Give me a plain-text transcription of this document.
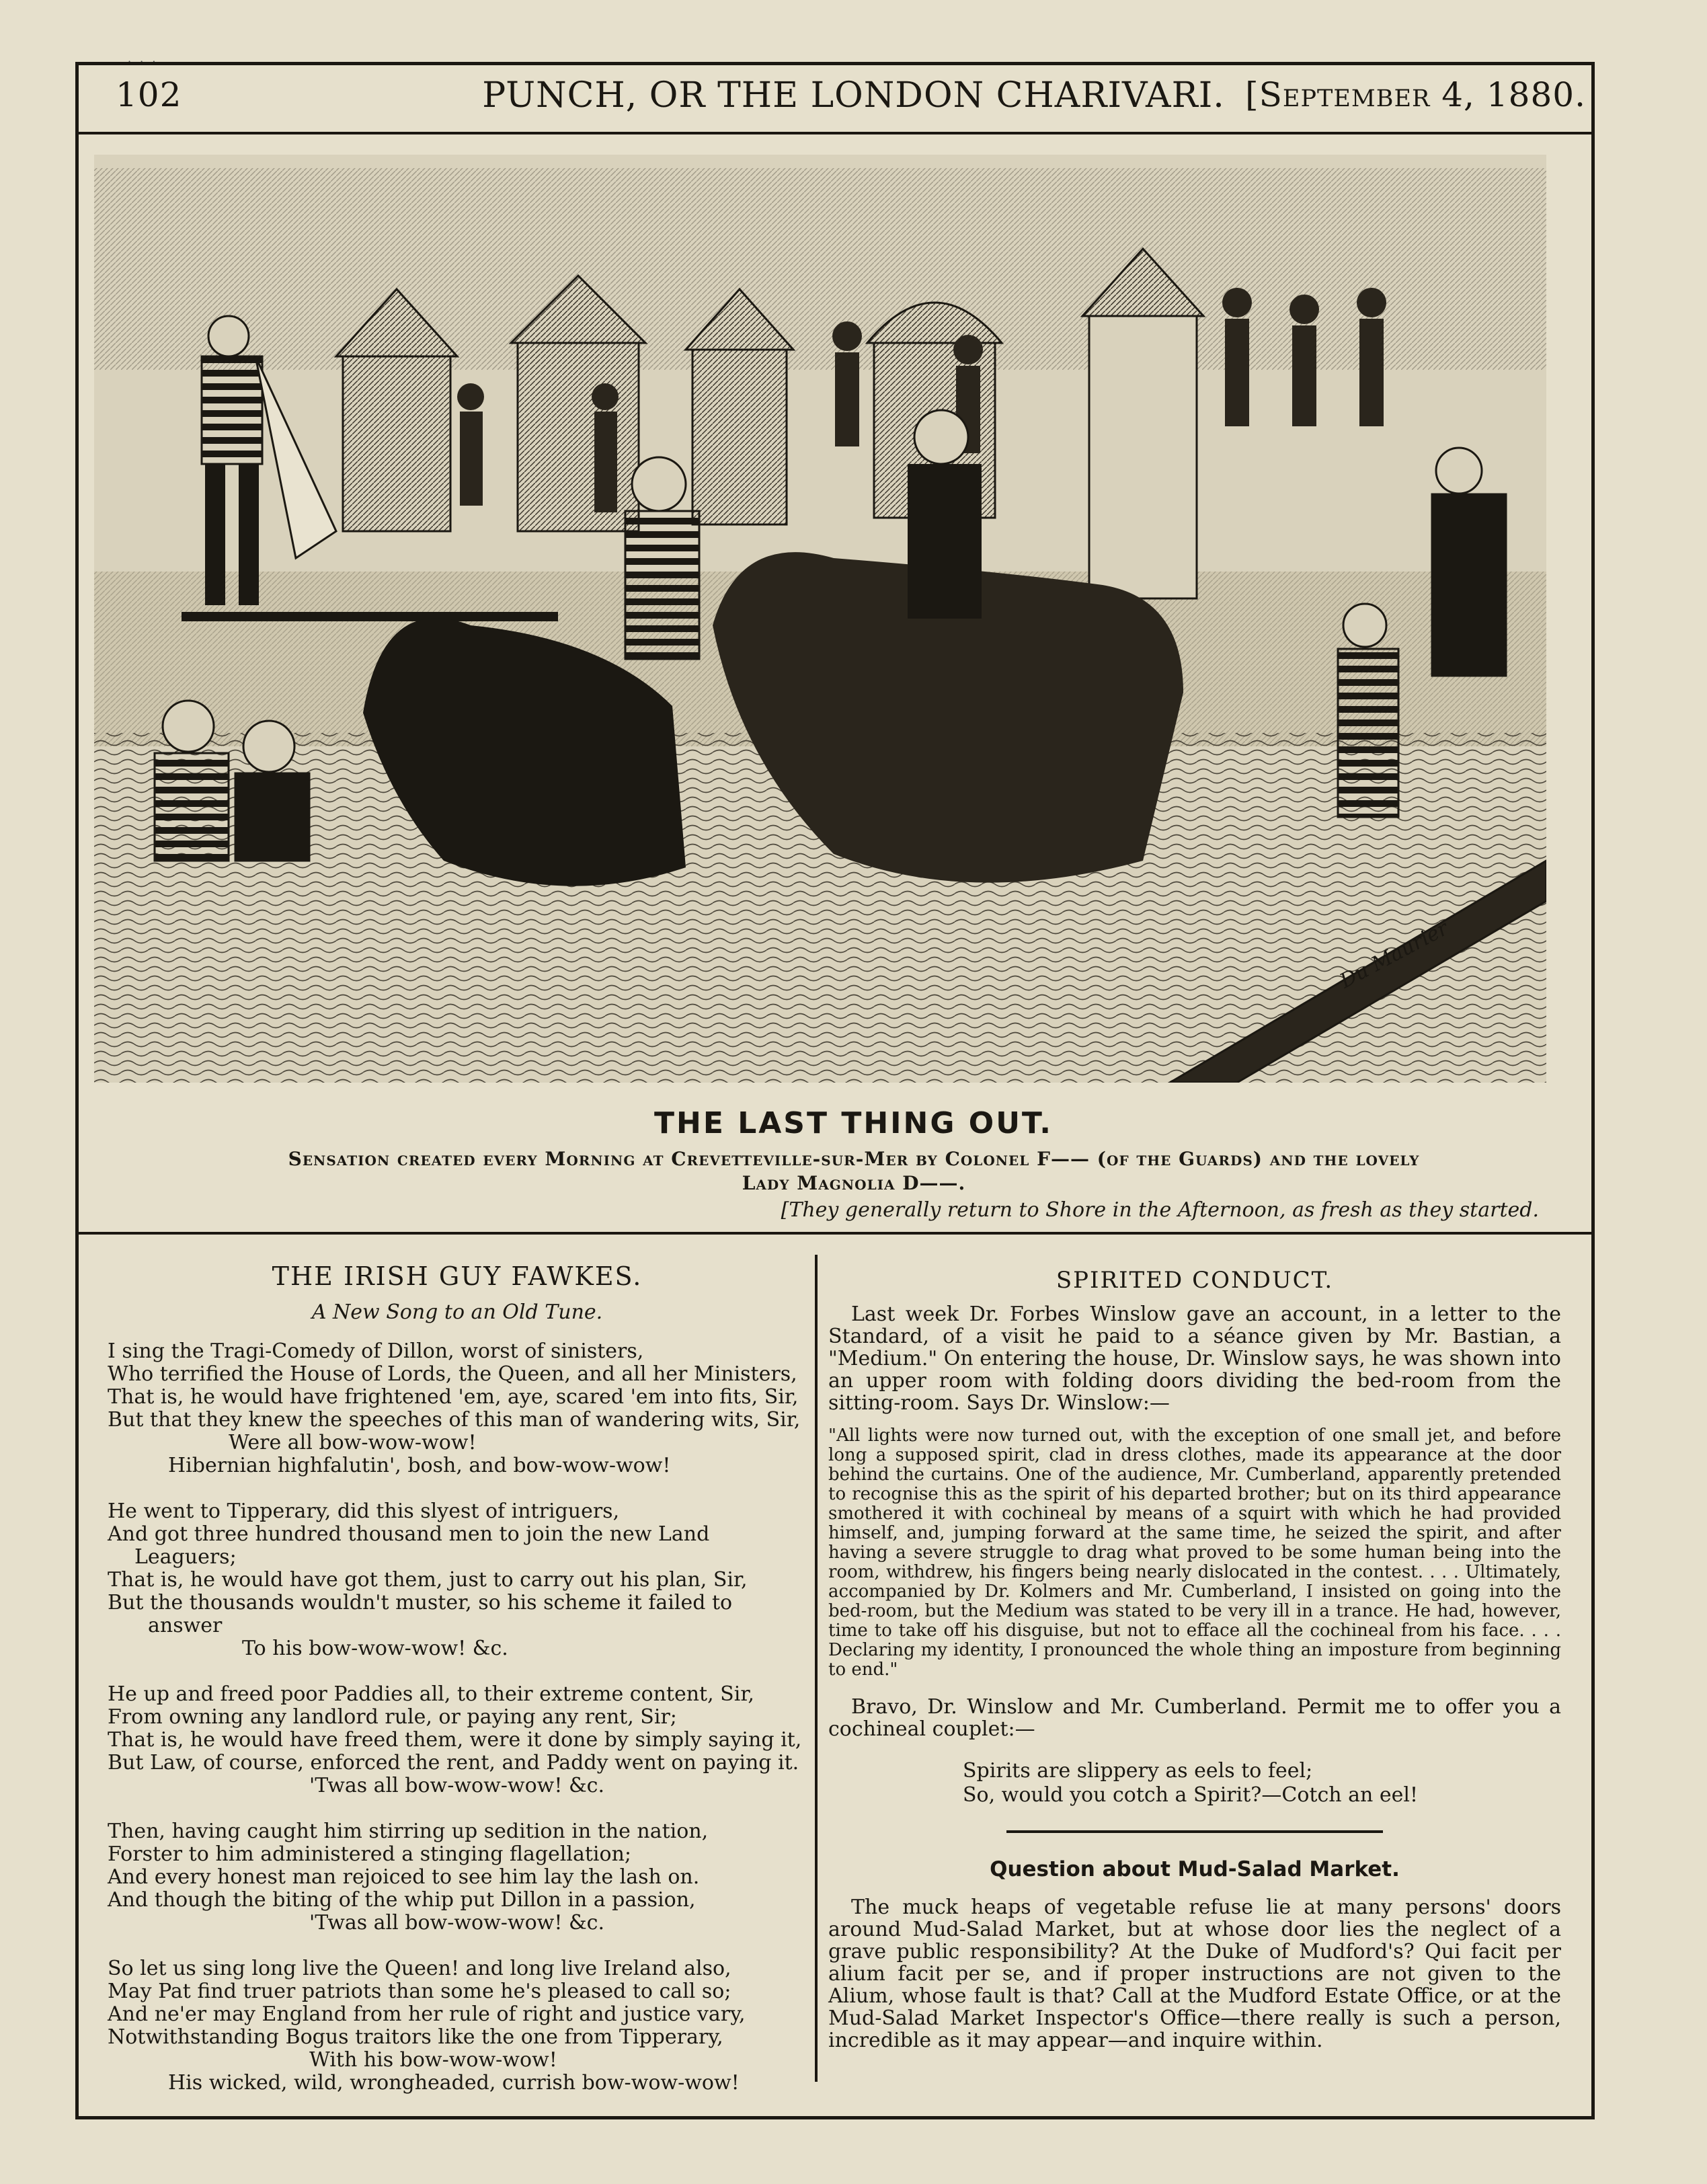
· · ·
102	PUNCH, OR THE LONDON CHARIVARI. [September 4, 1880.
Du Maurier
THE LAST THING OUT.
Sensation created every Morning at Crevetteville-sur-Mer by Colonel F—— (of the Guards) and the lovely
Lady Magnolia D——.
[They generally return to Shore in the Afternoon, as fresh as they started.
THE IRISH GUY FAWKES.
A New Song to an Old Tune.
I sing the Tragi-Comedy of Dillon, worst of sinisters,
Who terrified the House of Lords, the Queen, and all her Ministers,
That is, he would have frightened 'em, aye, scared 'em into fits, Sir,
But that they knew the speeches of this man of wandering wits, Sir,
Were all bow-wow-wow!
Hibernian highfalutin', bosh, and bow-wow-wow!
He went to Tipperary, did this slyest of intriguers,
And got three hundred thousand men to join the new Land
Leaguers;
That is, he would have got them, just to carry out his plan, Sir,
But the thousands wouldn't muster, so his scheme it failed to
answer
To his bow-wow-wow! &c.
He up and freed poor Paddies all, to their extreme content, Sir,
From owning any landlord rule, or paying any rent, Sir;
That is, he would have freed them, were it done by simply saying it,
But Law, of course, enforced the rent, and Paddy went on paying it.
'Twas all bow-wow-wow! &c.
Then, having caught him stirring up sedition in the nation,
Forster to him administered a stinging flagellation;
And every honest man rejoiced to see him lay the lash on.
And though the biting of the whip put Dillon in a passion,
'Twas all bow-wow-wow! &c.
So let us sing long live the Queen! and long live Ireland also,
May Pat find truer patriots than some he's pleased to call so;
And ne'er may England from her rule of right and justice vary,
Notwithstanding Bogus traitors like the one from Tipperary,
With his bow-wow-wow!
His wicked, wild, wrongheaded, currish bow-wow-wow!
SPIRITED CONDUCT.
Last week Dr. Forbes Winslow gave an account, in a letter to the Standard, of a visit he paid to a séance given by Mr. Bastian, a "Medium." On entering the house, Dr. Winslow says, he was shown into an upper room with folding doors dividing the bed-room from the sitting-room. Says Dr. Winslow:—
"All lights were now turned out, with the exception of one small jet, and before long a supposed spirit, clad in dress clothes, made its appearance at the door behind the curtains. One of the audience, Mr. Cumberland, apparently pretended to recognise this as the spirit of his departed brother; but on its third appearance smothered it with cochineal by means of a squirt with which he had provided himself, and, jumping forward at the same time, he seized the spirit, and after having a severe struggle to drag what proved to be some human being into the room, withdrew, his fingers being nearly dislocated in the contest. . . . Ultimately, accompanied by Dr. Kolmers and Mr. Cumberland, I insisted on going into the bed-room, but the Medium was stated to be very ill in a trance. He had, however, time to take off his disguise, but not to efface all the cochineal from his face. . . . Declaring my identity, I pronounced the whole thing an imposture from beginning to end."
Bravo, Dr. Winslow and Mr. Cumberland. Permit me to offer you a cochineal couplet:—
Spirits are slippery as eels to feel;
So, would you cotch a Spirit?—Cotch an eel!
Question about Mud-Salad Market.
The muck heaps of vegetable refuse lie at many persons' doors around Mud-Salad Market, but at whose door lies the neglect of a grave public responsibility? At the Duke of Mudford's? Qui facit per alium facit per se, and if proper instructions are not given to the Alium, whose fault is that? Call at the Mudford Estate Office, or at the Mud-Salad Market Inspector's Office—there really is such a person, incredible as it may appear—and inquire within.
